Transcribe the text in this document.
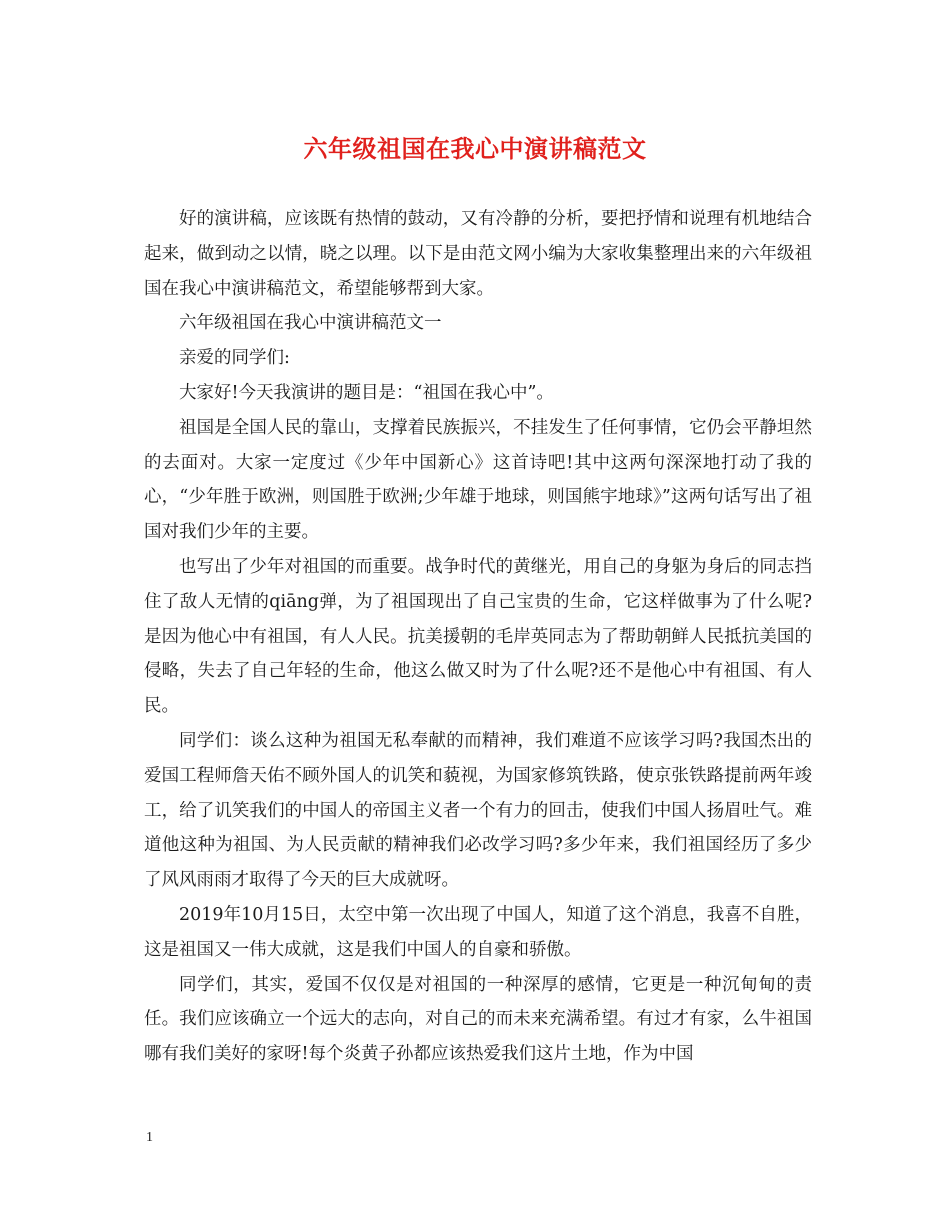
六年级祖国在我心中演讲稿范文

好的演讲稿，应该既有热情的鼓动，又有冷静的分析，要把抒情和说理有机地结合起来，做到动之以情，晓之以理。以下是由范文网小编为大家收集整理出来的六年级祖国在我心中演讲稿范文，希望能够帮到大家。

六年级祖国在我心中演讲稿范文一

亲爱的同学们:

大家好!今天我演讲的题目是：“祖国在我心中”。

祖国是全国人民的靠山，支撑着民族振兴，不挂发生了任何事情，它仍会平静坦然的去面对。大家一定度过《少年中国新心》这首诗吧!其中这两句深深地打动了我的心，“少年胜于欧洲，则国胜于欧洲;少年雄于地球，则国熊宇地球》”这两句话写出了祖国对我们少年的主要。

也写出了少年对祖国的而重要。战争时代的黄继光，用自己的身躯为身后的同志挡住了敌人无情的qiāng弹，为了祖国现出了自己宝贵的生命，它这样做事为了什么呢?是因为他心中有祖国，有人人民。抗美援朝的毛岸英同志为了帮助朝鲜人民抵抗美国的侵略，失去了自己年轻的生命，他这么做又时为了什么呢?还不是他心中有祖国、有人民。

同学们：谈么这种为祖国无私奉献的而精神，我们难道不应该学习吗?我国杰出的爱国工程师詹天佑不顾外国人的讥笑和藐视，为国家修筑铁路，使京张铁路提前两年竣工，给了讥笑我们的中国人的帝国主义者一个有力的回击，使我们中国人扬眉吐气。难道他这种为祖国、为人民贡献的精神我们必改学习吗?多少年来，我们祖国经历了多少了风风雨雨才取得了今天的巨大成就呀。

2019年10月15日，太空中第一次出现了中国人，知道了这个消息，我喜不自胜，这是祖国又一伟大成就，这是我们中国人的自豪和骄傲。

同学们，其实，爱国不仅仅是对祖国的一种深厚的感情，它更是一种沉甸甸的责任。我们应该确立一个远大的志向，对自己的而未来充满希望。有过才有家，么牛祖国哪有我们美好的家呀!每个炎黄子孙都应该热爱我们这片土地，作为中国

1
